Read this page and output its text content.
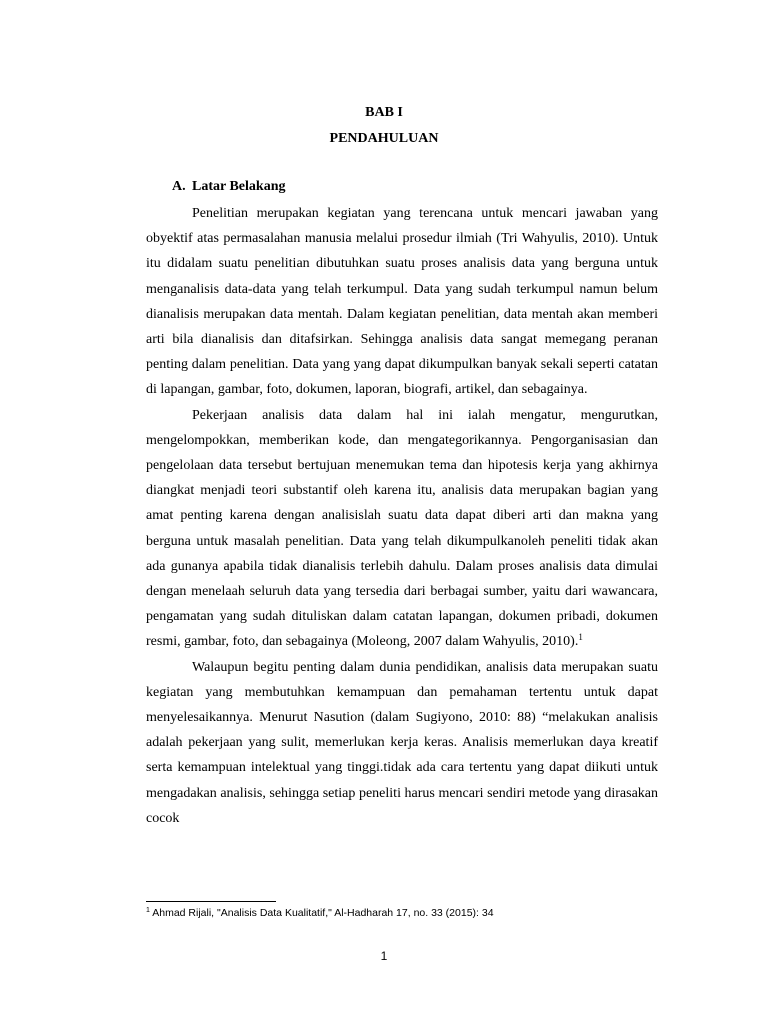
BAB I
PENDAHULUAN
A. Latar Belakang

Penelitian merupakan kegiatan yang terencana untuk mencari jawaban yang obyektif atas permasalahan manusia melalui prosedur ilmiah (Tri Wahyulis, 2010). Untuk itu didalam suatu penelitian dibutuhkan suatu proses analisis data yang berguna untuk menganalisis data-data yang telah terkumpul. Data yang sudah terkumpul namun belum dianalisis merupakan data mentah. Dalam kegiatan penelitian, data mentah akan memberi arti bila dianalisis dan ditafsirkan. Sehingga analisis data sangat memegang peranan penting dalam penelitian. Data yang yang dapat dikumpulkan banyak sekali seperti catatan di lapangan, gambar, foto, dokumen, laporan, biografi, artikel, dan sebagainya.

Pekerjaan analisis data dalam hal ini ialah mengatur, mengurutkan, mengelompokkan, memberikan kode, dan mengategorikannya. Pengorganisasian dan pengelolaan data tersebut bertujuan menemukan tema dan hipotesis kerja yang akhirnya diangkat menjadi teori substantif oleh karena itu, analisis data merupakan bagian yang amat penting karena dengan analisislah suatu data dapat diberi arti dan makna yang berguna untuk masalah penelitian. Data yang telah dikumpulkanoleh peneliti tidak akan ada gunanya apabila tidak dianalisis terlebih dahulu. Dalam proses analisis data dimulai dengan menelaah seluruh data yang tersedia dari berbagai sumber, yaitu dari wawancara, pengamatan yang sudah dituliskan dalam catatan lapangan, dokumen pribadi, dokumen resmi, gambar, foto, dan sebagainya (Moleong, 2007 dalam Wahyulis, 2010).$^1$

Walaupun begitu penting dalam dunia pendidikan, analisis data merupakan suatu kegiatan yang membutuhkan kemampuan dan pemahaman tertentu untuk dapat menyelesaikannya. Menurut Nasution (dalam Sugiyono, 2010: 88) “melakukan analisis adalah pekerjaan yang sulit, memerlukan kerja keras. Analisis memerlukan daya kreatif serta kemampuan intelektual yang tinggi.tidak ada cara tertentu yang dapat diikuti untuk mengadakan analisis, sehingga setiap peneliti harus mencari sendiri metode yang dirasakan cocok

$^1$ Ahmad Rijali, "Analisis Data Kualitatif," Al-Hadharah 17, no. 33 (2015): 34
1
